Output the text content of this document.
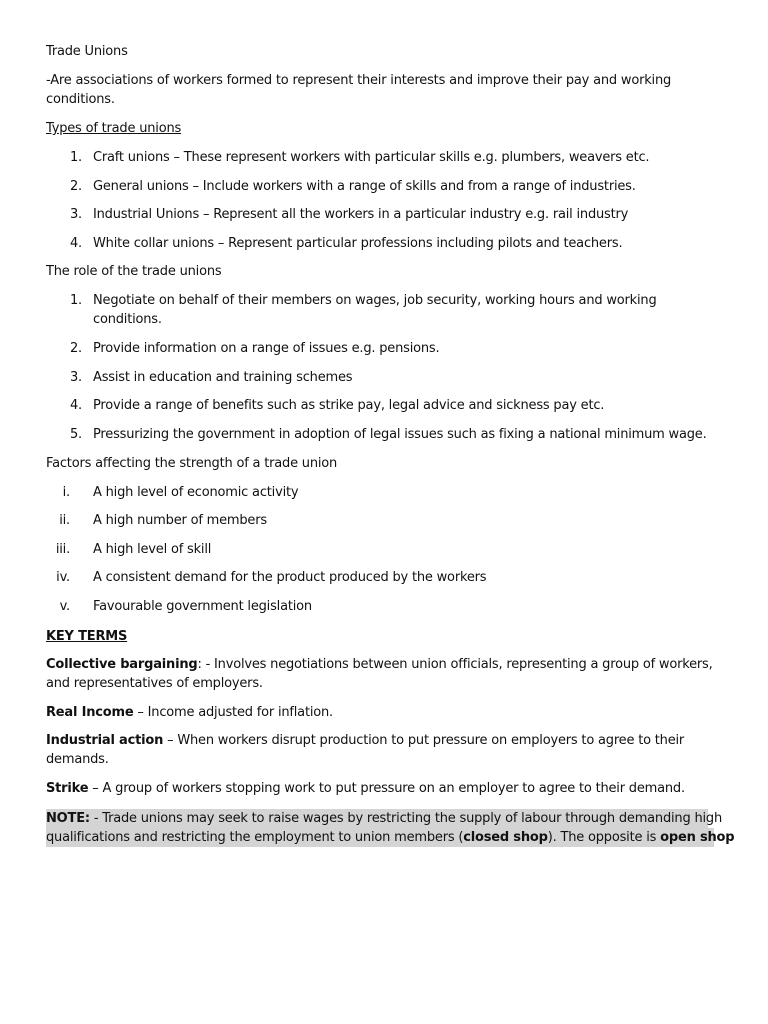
Trade Unions

-Are associations of workers formed to represent their interests and improve their pay and working conditions.

Types of trade unions

1. Craft unions – These represent workers with particular skills e.g. plumbers, weavers etc.
2. General unions – Include workers with a range of skills and from a range of industries.
3. Industrial Unions – Represent all the workers in a particular industry e.g. rail industry
4. White collar unions – Represent particular professions including pilots and teachers.

The role of the trade unions

1. Negotiate on behalf of their members on wages, job security, working hours and working conditions.
2. Provide information on a range of issues e.g. pensions.
3. Assist in education and training schemes
4. Provide a range of benefits such as strike pay, legal advice and sickness pay etc.
5. Pressurizing the government in adoption of legal issues such as fixing a national minimum wage.

Factors affecting the strength of a trade union

i. A high level of economic activity
ii. A high number of members
iii. A high level of skill
iv. A consistent demand for the product produced by the workers
v. Favourable government legislation

KEY TERMS

Collective bargaining: - Involves negotiations between union officials, representing a group of workers, and representatives of employers.

Real Income – Income adjusted for inflation.

Industrial action – When workers disrupt production to put pressure on employers to agree to their demands.

Strike – A group of workers stopping work to put pressure on an employer to agree to their demand.

NOTE: - Trade unions may seek to raise wages by restricting the supply of labour through demanding high

qualifications and restricting the employment to union members (closed shop). The opposite is open shop
